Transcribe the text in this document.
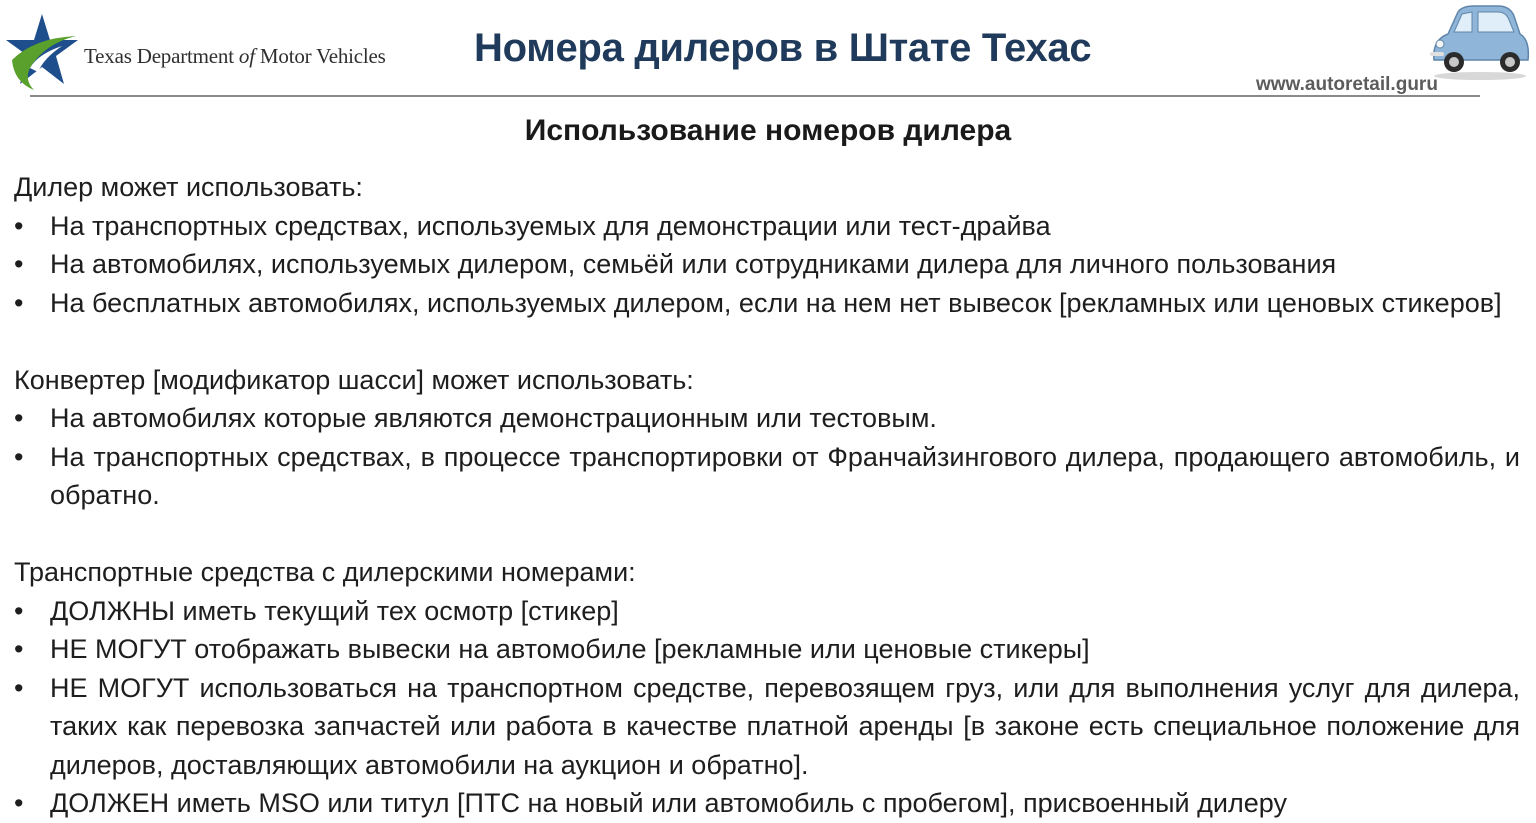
Texas Department of Motor Vehicles Номера дилеров в Штате Техас
www.autoretail.guru
Использование номеров дилера

Дилер может использовать:

• На транспортных средствах, используемых для демонстрации или тест-драйва
• На автомобилях, используемых дилером, семьёй или сотрудниками дилера для личного пользования
• На бесплатных автомобилях, используемых дилером, если на нем нет вывесок [рекламных или ценовых стикеров]

Конвертер [модификатор шасси] может использовать:

• На автомобилях которые являются демонстрационным или тестовым.
• На транспортных средствах, в процессе транспортировки от Франчайзингового дилера, продающего автомобиль, и обратно.

Транспортные средства с дилерскими номерами:

• ДОЛЖНЫ иметь текущий тех осмотр [стикер]
• НЕ МОГУТ отображать вывески на автомобиле [рекламные или ценовые стикеры]
• НЕ МОГУТ использоваться на транспортном средстве, перевозящем груз, или для выполнения услуг для дилера, таких как перевозка запчастей или работа в качестве платной аренды [в законе есть специальное положение для дилеров, доставляющих автомобили на аукцион и обратно].
• ДОЛЖЕН иметь MSO или титул [ПТС на новый или автомобиль с пробегом], присвоенный дилеру
